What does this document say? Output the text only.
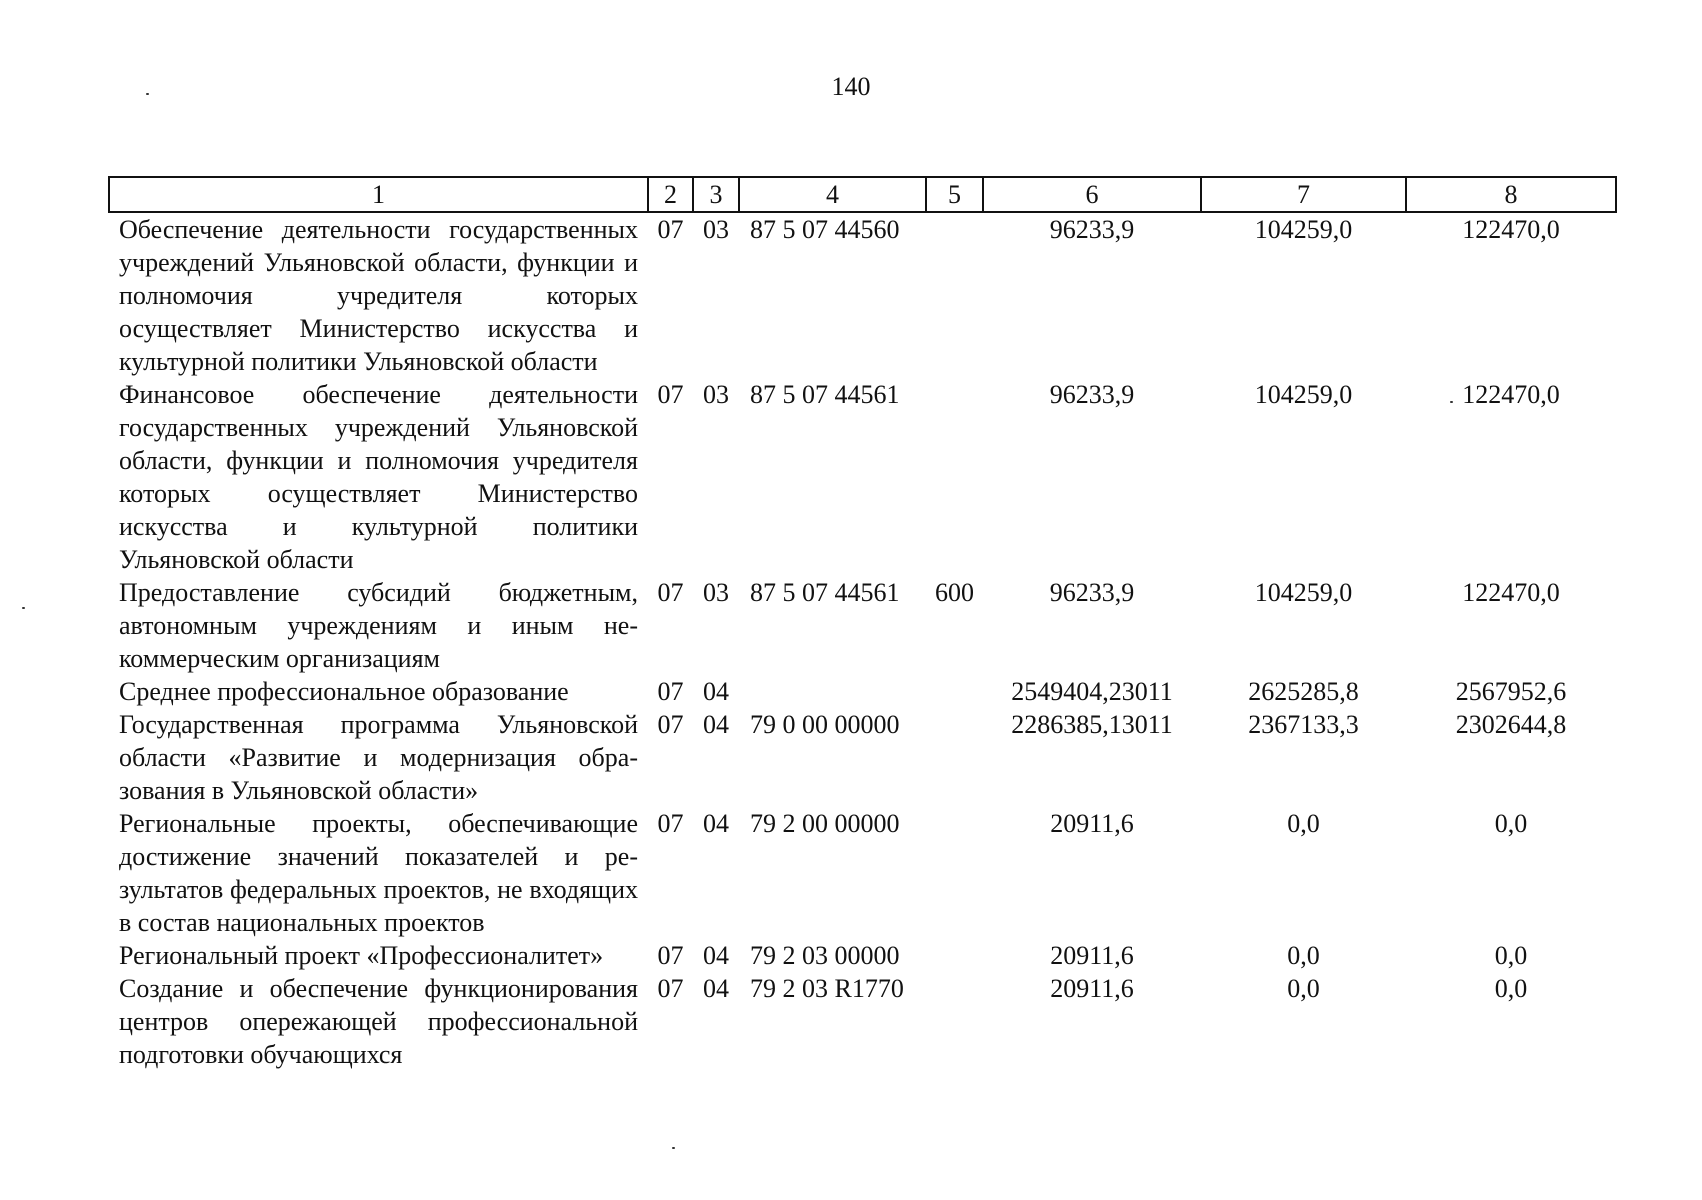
140
1	2	3	4	5	6	7	8
Обеспечение деятельности государственных учреждений Ульяновской области, функции и полномочия учредителя которых осуществляет Министерство искусства и культурной политики Ульяновской области	07	03	87 5 07 44560		96233,9	104259,0	122470,0
Финансовое обеспечение деятельности государственных учреждений Ульяновской области, функции и полномочия учредителя которых осуществляет Министерство искусства и культурной политики Ульяновской области	07	03	87 5 07 44561		96233,9	104259,0	122470,0
Предоставление субсидий бюджетным, автономным учреждениям и иным некоммерческим организациям	07	03	87 5 07 44561	600	96233,9	104259,0	122470,0
Среднее профессиональное образование	07	04			2549404,23011	2625285,8	2567952,6
Государственная программа Ульяновской области «Развитие и модернизация образования в Ульяновской области»	07	04	79 0 00 00000		2286385,13011	2367133,3	2302644,8
Региональные проекты, обеспечивающие достижение значений показателей и результатов федеральных проектов, не входящих в состав национальных проектов	07	04	79 2 00 00000		20911,6	0,0	0,0
Региональный проект «Профессионалитет»	07	04	79 2 03 00000		20911,6	0,0	0,0
Создание и обеспечение функционирования центров опережающей профессиональной подготовки обучающихся	07	04	79 2 03 R1770		20911,6	0,0	0,0
